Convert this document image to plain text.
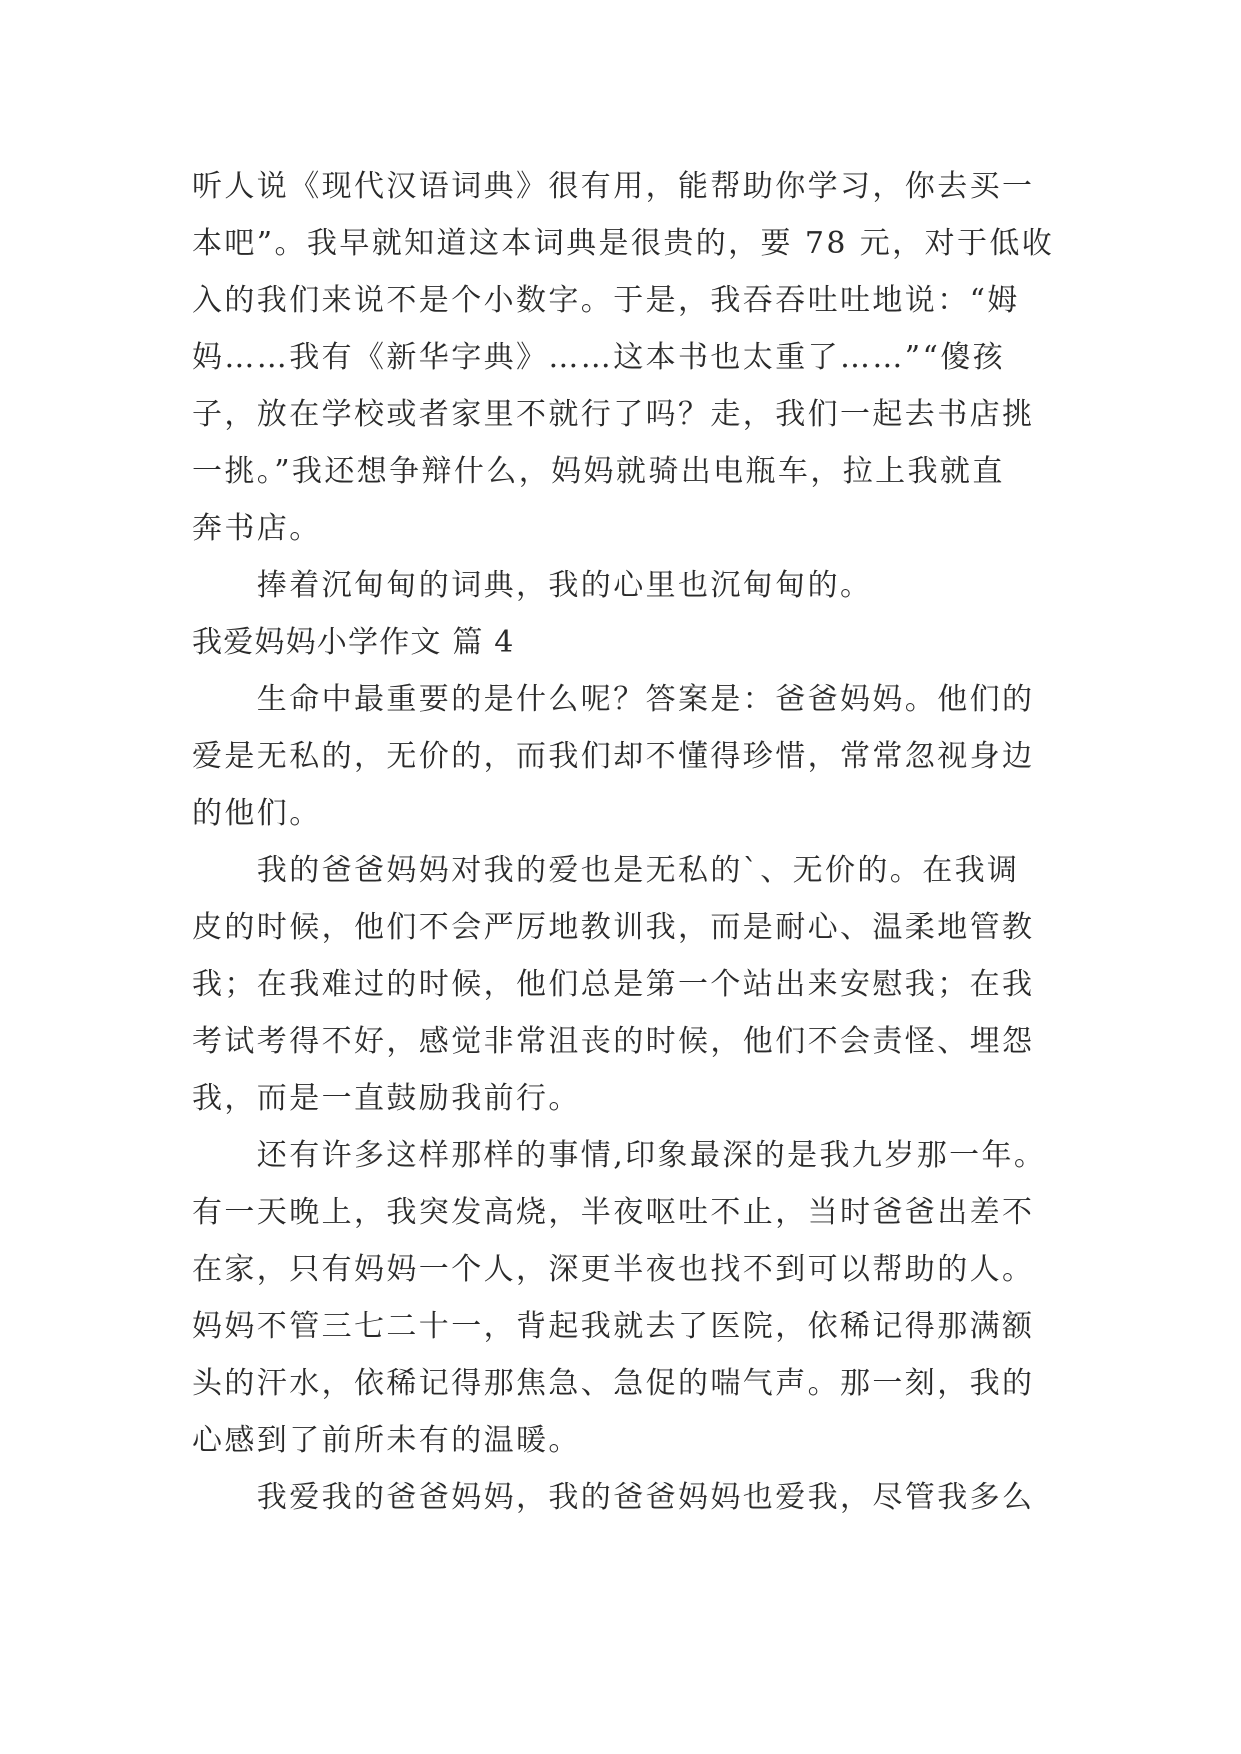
听人说《现代汉语词典》很有用，能帮助你学习，你去买一
本吧”。我早就知道这本词典是很贵的，要 78 元，对于低收
入的我们来说不是个小数字。于是，我吞吞吐吐地说：“姆
妈……我有《新华字典》……这本书也太重了……”“傻孩
子，放在学校或者家里不就行了吗？走，我们一起去书店挑
一挑。”我还想争辩什么，妈妈就骑出电瓶车，拉上我就直
奔书店。
　　捧着沉甸甸的词典，我的心里也沉甸甸的。
我爱妈妈小学作文 篇 4
　　生命中最重要的是什么呢？答案是：爸爸妈妈。他们的
爱是无私的，无价的，而我们却不懂得珍惜，常常忽视身边
的他们。
　　我的爸爸妈妈对我的爱也是无私的`、无价的。在我调
皮的时候，他们不会严厉地教训我，而是耐心、温柔地管教
我；在我难过的时候，他们总是第一个站出来安慰我；在我
考试考得不好，感觉非常沮丧的时候，他们不会责怪、埋怨
我，而是一直鼓励我前行。
　　还有许多这样那样的事情,印象最深的是我九岁那一年。
有一天晚上，我突发高烧，半夜呕吐不止，当时爸爸出差不
在家，只有妈妈一个人，深更半夜也找不到可以帮助的人。
妈妈不管三七二十一，背起我就去了医院，依稀记得那满额
头的汗水，依稀记得那焦急、急促的喘气声。那一刻，我的
心感到了前所未有的温暖。
　　我爱我的爸爸妈妈，我的爸爸妈妈也爱我，尽管我多么
